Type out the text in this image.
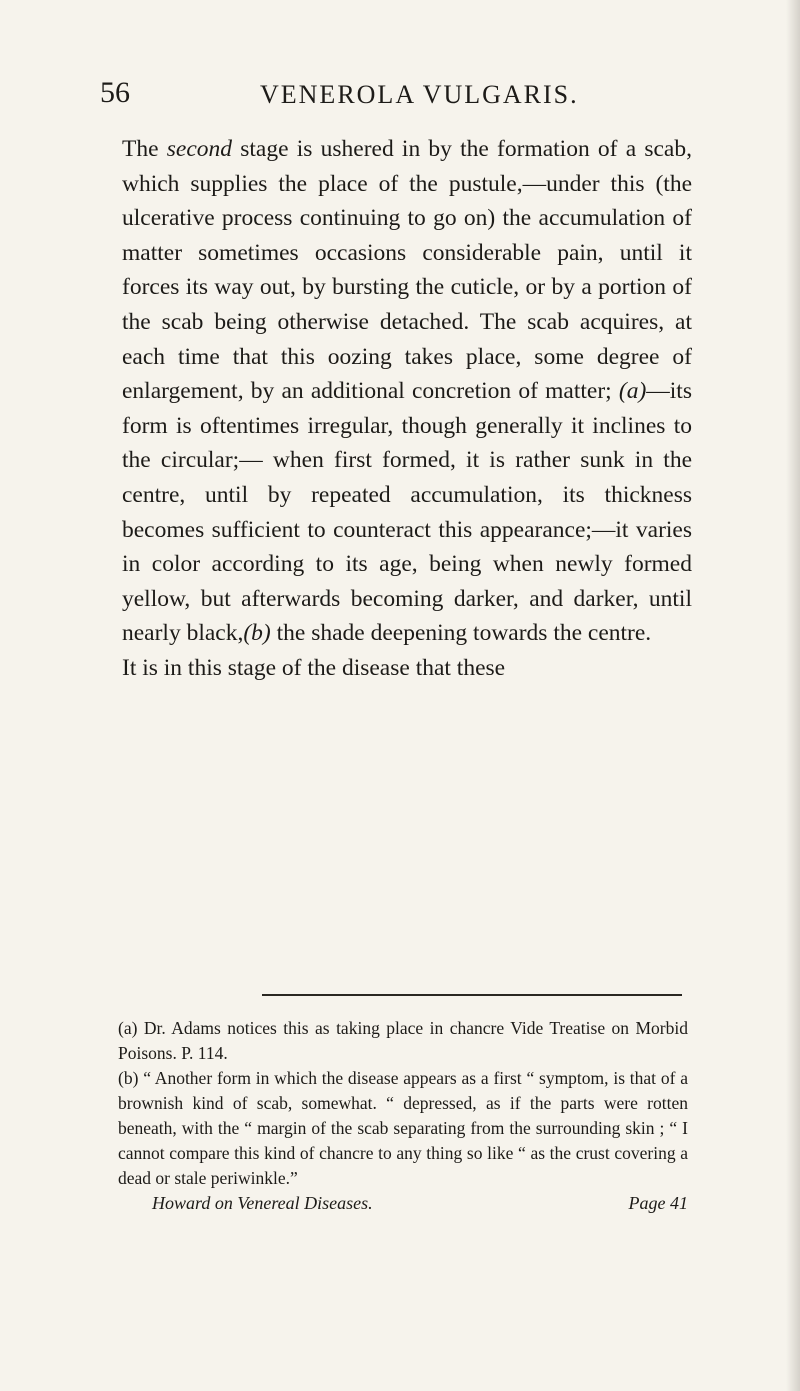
56	VENEROLA VULGARIS.

The second stage is ushered in by the formation of a scab, which supplies the place of the pustule,—under this (the ulcerative process continuing to go on) the accumulation of matter sometimes occasions considerable pain, until it forces its way out, by bursting the cuticle, or by a portion of the scab being otherwise detached. The scab acquires, at each time that this oozing takes place, some degree of enlargement, by an additional concretion of matter; (a)—its form is oftentimes irregular, though generally it inclines to the circular;— when first formed, it is rather sunk in the centre, until by repeated accumulation, its thickness becomes sufficient to counteract this appearance;—it varies in color according to its age, being when newly formed yellow, but afterwards becoming darker, and darker, until nearly black,(b) the shade deepening towards the centre.

It is in this stage of the disease that these

(a) Dr. Adams notices this as taking place in chancre Vide Treatise on Morbid Poisons. P. 114.

(b) “ Another form in which the disease appears as a first “ symptom, is that of a brownish kind of scab, somewhat. “ depressed, as if the parts were rotten beneath, with the “ margin of the scab separating from the surrounding skin ; “ I cannot compare this kind of chancre to any thing so like “ as the crust covering a dead or stale periwinkle.”

Howard on Venereal Diseases.	Page 41
